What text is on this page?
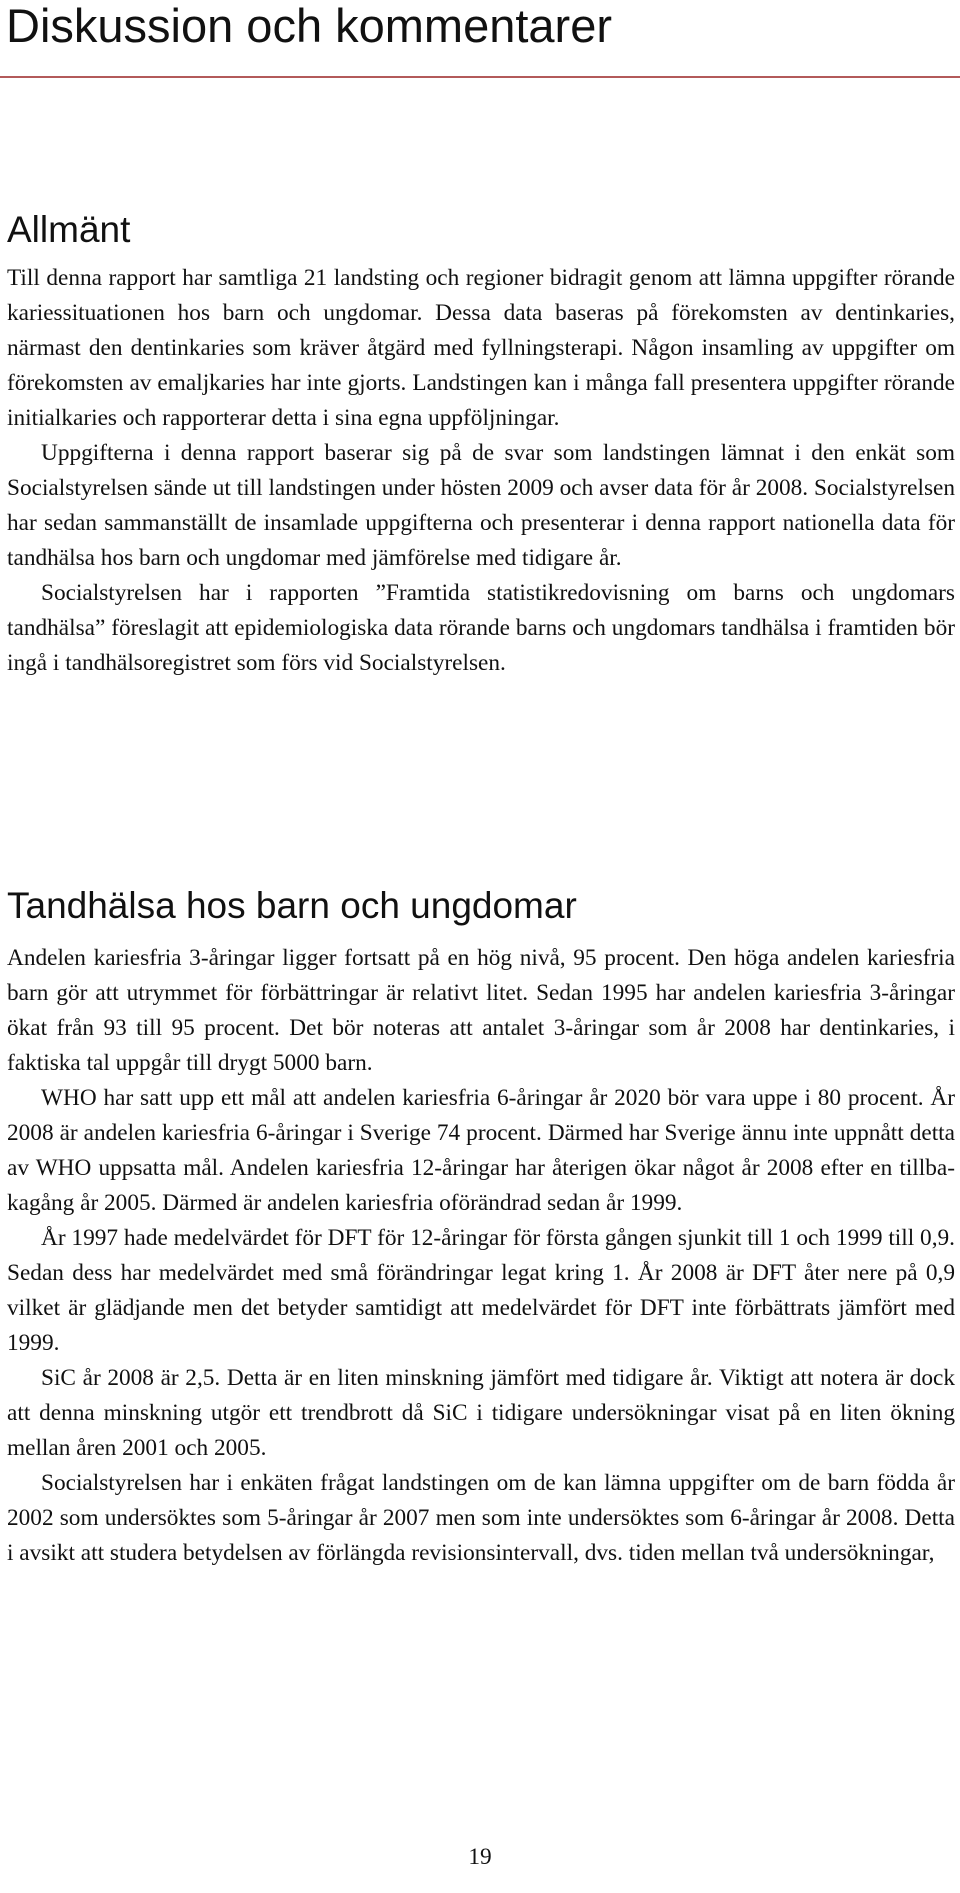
Diskussion och kommentarer
Allmänt

Till denna rapport har samtliga 21 landsting och regioner bidragit genom att lämna uppgifter rörande kariessituationen hos barn och ungdomar. Dessa data baseras på förekomsten av dentinkaries, närmast den dentinkaries som kräver åtgärd med fyllningsterapi. Någon insamling av uppgifter om förekomsten av emaljkaries har inte gjorts. Landstingen kan i många fall presentera uppgifter rörande initialkaries och rapporterar detta i sina egna uppföljningar.

Uppgifterna i denna rapport baserar sig på de svar som landstingen lämnat i den enkät som Socialstyrelsen sände ut till landstingen under hösten 2009 och avser data för år 2008. Socialstyrelsen har sedan sammanställt de insamlade uppgifterna och presenterar i denna rapport nationella data för tandhälsa hos barn och ungdomar med jämförelse med tidigare år.

Socialstyrelsen har i rapporten ”Framtida statistikredovisning om barns och ungdomars tandhälsa” föreslagit att epidemiologiska data rörande barns och ungdomars tandhälsa i framtiden bör ingå i tandhälsoregistret som förs vid Socialstyrelsen.

Tandhälsa hos barn och ungdomar

Andelen kariesfria 3-åringar ligger fortsatt på en hög nivå, 95 procent. Den höga andelen kariesfria barn gör att utrymmet för förbättringar är relativt litet. Sedan 1995 har andelen kariesfria 3-åringar ökat från 93 till 95 procent. Det bör noteras att antalet 3-åringar som år 2008 har dentinkaries, i faktiska tal uppgår till drygt 5000 barn.

WHO har satt upp ett mål att andelen kariesfria 6-åringar år 2020 bör vara uppe i 80 procent. År 2008 är andelen kariesfria 6-åringar i Sverige 74 procent. Därmed har Sverige ännu inte uppnått detta av WHO uppsatta mål. Andelen kariesfria 12-åringar har återigen ökar något år 2008 efter en tillbakagång år 2005. Därmed är andelen kariesfria oförändrad sedan år 1999.

År 1997 hade medelvärdet för DFT för 12-åringar för första gången sjunkit till 1 och 1999 till 0,9. Sedan dess har medelvärdet med små förändringar legat kring 1. År 2008 är DFT åter nere på 0,9 vilket är glädjande men det betyder samtidigt att medelvärdet för DFT inte förbättrats jämfört med 1999.

SiC år 2008 är 2,5. Detta är en liten minskning jämfört med tidigare år. Viktigt att notera är dock att denna minskning utgör ett trendbrott då SiC i tidigare undersökningar visat på en liten ökning mellan åren 2001 och 2005.

Socialstyrelsen har i enkäten frågat landstingen om de kan lämna uppgifter om de barn födda år 2002 som undersöktes som 5-åringar år 2007 men som inte undersöktes som 6-åringar år 2008. Detta i avsikt att studera betydelsen av förlängda revisionsintervall, dvs. tiden mellan två undersökningar,

19
